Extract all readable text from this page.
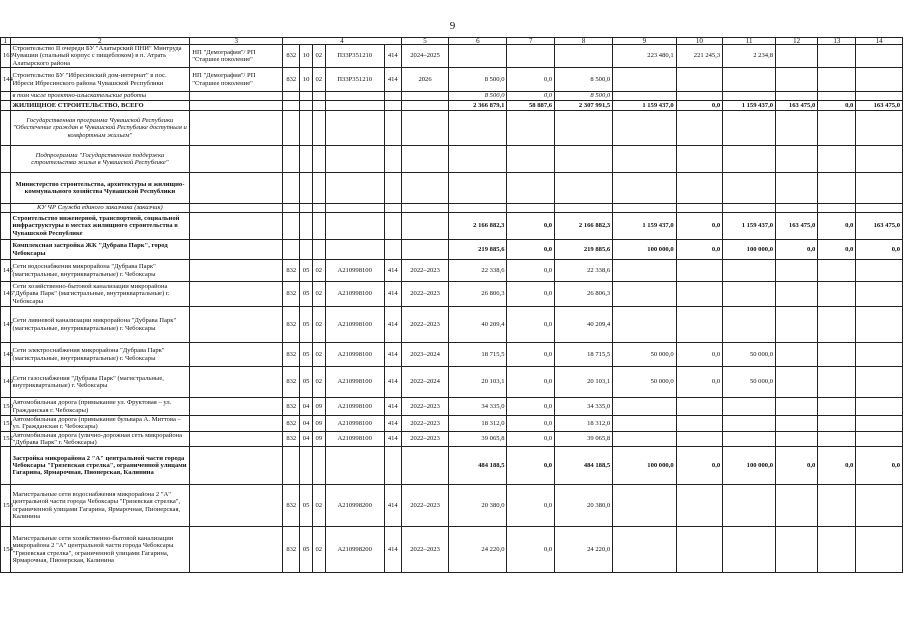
9
1	2	3	4					5	6	7	8	9	10	11	12	13	14
163	Строительство II очереди БУ "Алатырский ПНИ" Минтруда Чувашии (спальный корпус с пищеблоком) в п. Атрать Алатырского района	НП "Демография"/ РП "Старшее поколение"	832	10	02	П33Р351210	414	2024–2025				223 480,1	221 245,3	2 234,8			
144	Строительство БУ "Ибресинский дом-интернат" в пос. Ибреси Ибресинского района Чувашской Республики	НП "Демография"/ РП "Старшее поколение"	832	10	02	П33Р351210	414	2026	8 500,0	0,0	8 500,0						
	в том числе проектно-изыскательские работы								8 500,0	0,0	8 500,0						
	ЖИЛИЩНОЕ СТРОИТЕЛЬСТВО, ВСЕГО								2 366 879,1	58 887,6	2 307 991,5	1 159 437,0	0,0	1 159 437,0	163 475,0	0,0	163 475,0
	Государственная программа Чувашской Республики "Обеспечение граждан в Чувашской Республике доступным и комфортным жильем"																
	Подпрограмма "Государственная поддержка строительства жилья в Чувашской Республике"																
	Министерство строительства, архитектуры и жилищно-коммунального хозяйства Чувашской Республики																
	КУ ЧР Служба единого заказчика (заказчик)																
	Строительство инженерной, транспортной, социальной инфраструктуры в местах жилищного строительства в Чувашской Республике								2 166 882,3	0,0	2 166 882,3	1 159 437,0	0,0	1 159 437,0	163 475,0	0,0	163 475,0
	Комплексная застройка ЖК "Дубрава Парк", город Чебоксары								219 885,6	0,0	219 885,6	100 000,0	0,0	100 000,0	0,0	0,0	0,0
145	Сети водоснабжения микрорайона "Дубрава Парк" (магистральные, внутриквартальные) г. Чебоксары		832	05	02	А210998100	414	2022–2023	22 338,6	0,0	22 338,6						
146	Сети хозяйственно-бытовой канализации микрорайона "Дубрава Парк" (магистральные, внутриквартальные) г. Чебоксары		832	05	02	А210998100	414	2022–2023	26 806,3	0,0	26 806,3						
147	Сети ливневой канализации микрорайона "Дубрава Парк" (магистральные, внутриквартальные) г. Чебоксары		832	05	02	А210998100	414	2022–2023	40 209,4	0,0	40 209,4						
148	Сети электроснабжения микрорайона "Дубрава Парк" (магистральные, внутриквартальные) г. Чебоксары		832	05	02	А210998100	414	2023–2024	18 715,5	0,0	18 715,5	50 000,0	0,0	50 000,0			
149	Сети газоснабжения "Дубрава Парк" (магистральные, внутриквартальные) г. Чебоксары		832	05	02	А210998100	414	2022–2024	20 103,1	0,0	20 103,1	50 000,0	0,0	50 000,0			
150	Автомобильная дорога (примыкание ул. Фруктовая – ул. Гражданская г. Чебоксары)		832	04	09	А210998100	414	2022–2023	34 335,0	0,0	34 335,0						
151	Автомобильная дорога (примыкание бульвара А. Миттова – ул. Гражданская г. Чебоксары)		832	04	09	А210998100	414	2022–2023	18 312,0	0,0	18 312,0						
152	Автомобильная дорога (улично-дорожная сеть микрорайона "Дубрава Парк" г. Чебоксары)		832	04	09	А210998100	414	2022–2023	39 065,8	0,0	39 065,8						
	Застройка микрорайона 2 "А" центральной части города Чебоксары "Грязевская стрелка", ограниченной улицами Гагарина, Ярмарочная, Пионерская, Калинина								484 188,5	0,0	484 188,5	100 000,0	0,0	100 000,0	0,0	0,0	0,0
153	Магистральные сети водоснабжения микрорайона 2 "А" центральной части города Чебоксары "Грязевская стрелка", ограниченной улицами Гагарина, Ярмарочная, Пионерская, Калинина		832	05	02	А210998200	414	2022–2023	20 380,0	0,0	20 380,0						
154	Магистральные сети хозяйственно-бытовой канализации микрорайона 2 "А" центральной части города Чебоксары "Грязевская стрелка", ограниченной улицами Гагарина, Ярмарочная, Пионерская, Калинина		832	05	02	А210998200	414	2022–2023	24 220,0	0,0	24 220,0						
